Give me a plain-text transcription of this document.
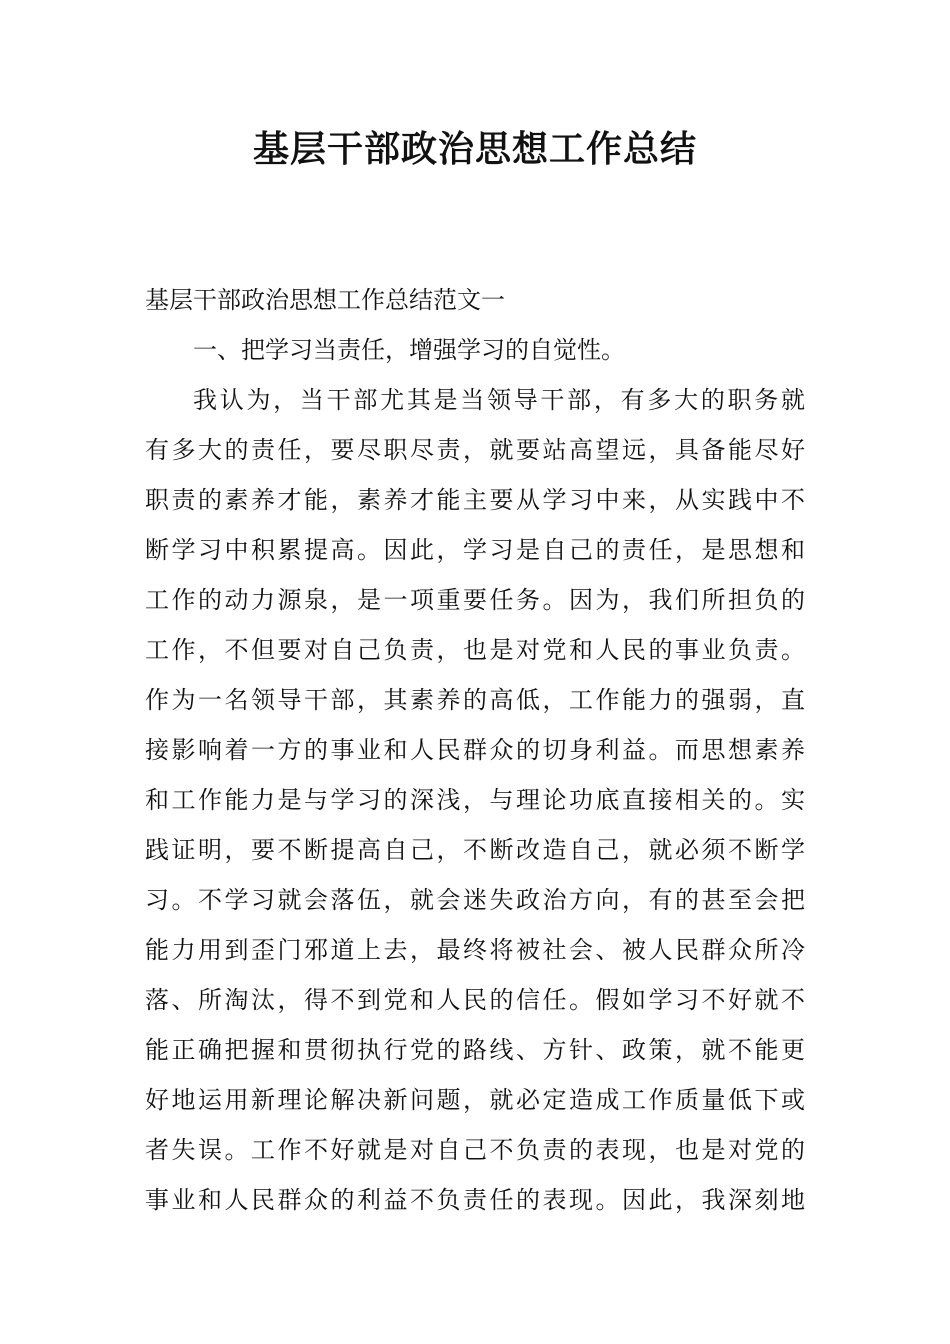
基层干部政治思想工作总结

基层干部政治思想工作总结范文一

一、把学习当责任，增强学习的自觉性。

我认为，当干部尤其是当领导干部，有多大的职务就
有多大的责任，要尽职尽责，就要站高望远，具备能尽好
职责的素养才能，素养才能主要从学习中来，从实践中不
断学习中积累提高。因此，学习是自己的责任，是思想和
工作的动力源泉，是一项重要任务。因为，我们所担负的
工作，不但要对自己负责，也是对党和人民的事业负责。
作为一名领导干部，其素养的高低，工作能力的强弱，直
接影响着一方的事业和人民群众的切身利益。而思想素养
和工作能力是与学习的深浅，与理论功底直接相关的。实
践证明，要不断提高自己，不断改造自己，就必须不断学
习。不学习就会落伍，就会迷失政治方向，有的甚至会把
能力用到歪门邪道上去，最终将被社会、被人民群众所冷
落、所淘汰，得不到党和人民的信任。假如学习不好就不
能正确把握和贯彻执行党的路线、方针、政策，就不能更
好地运用新理论解决新问题，就必定造成工作质量低下或
者失误。工作不好就是对自己不负责的表现，也是对党的
事业和人民群众的利益不负责任的表现。因此，我深刻地
